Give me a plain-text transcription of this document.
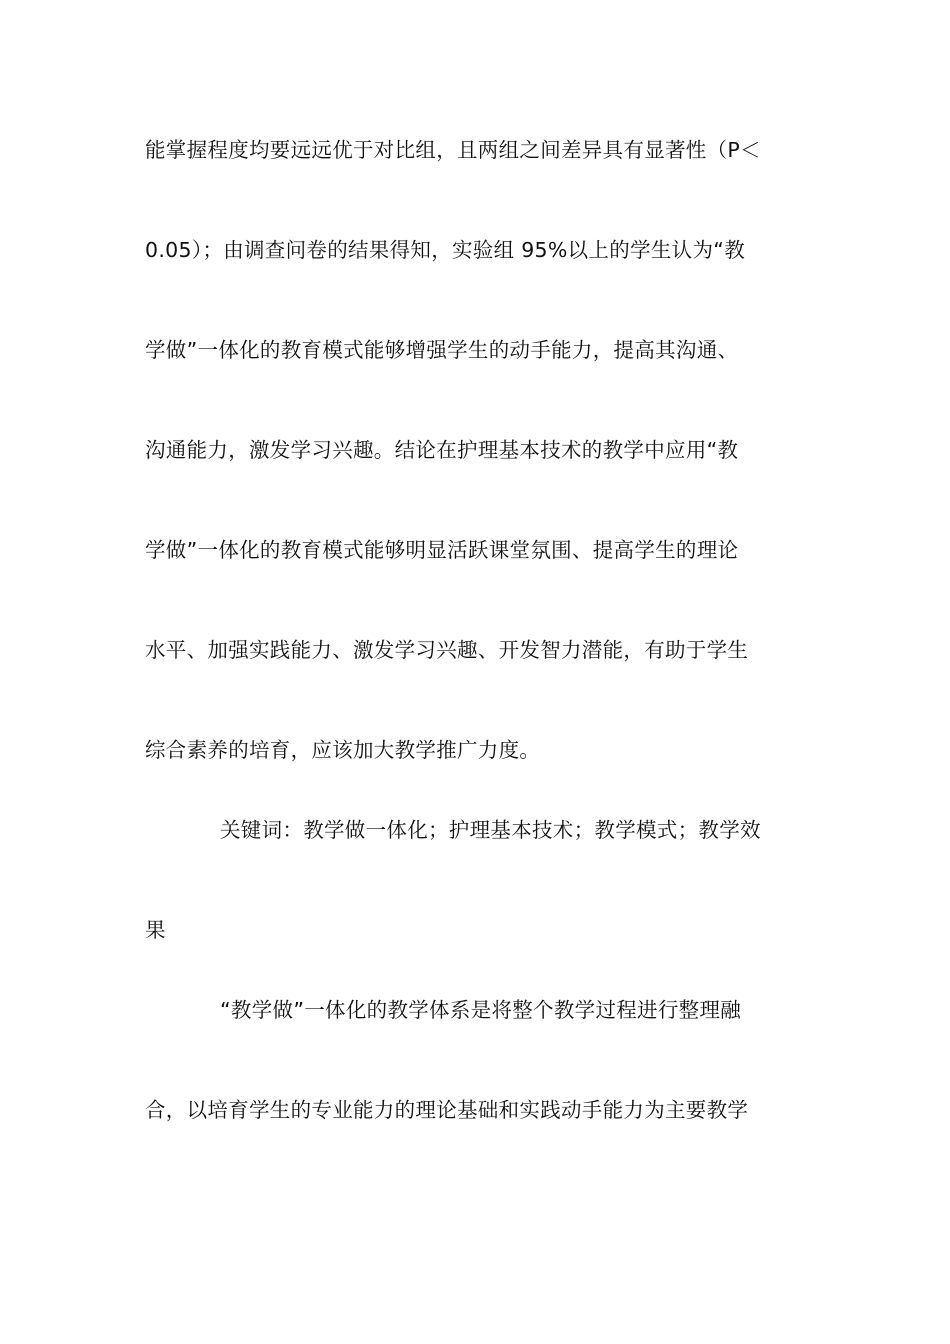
能掌握程度均要远远优于对比组，且两组之间差异具有显著性（P＜
0.05）；由调查问卷的结果得知，实验组 95%以上的学生认为“教
学做”一体化的教育模式能够增强学生的动手能力，提高其沟通、
沟通能力，激发学习兴趣。结论在护理基本技术的教学中应用“教
学做”一体化的教育模式能够明显活跃课堂氛围、提高学生的理论
水平、加强实践能力、激发学习兴趣、开发智力潜能，有助于学生
综合素养的培育，应该加大教学推广力度。
关键词：教学做一体化；护理基本技术；教学模式；教学效
果
“教学做”一体化的教学体系是将整个教学过程进行整理融
合，以培育学生的专业能力的理论基础和实践动手能力为主要教学
